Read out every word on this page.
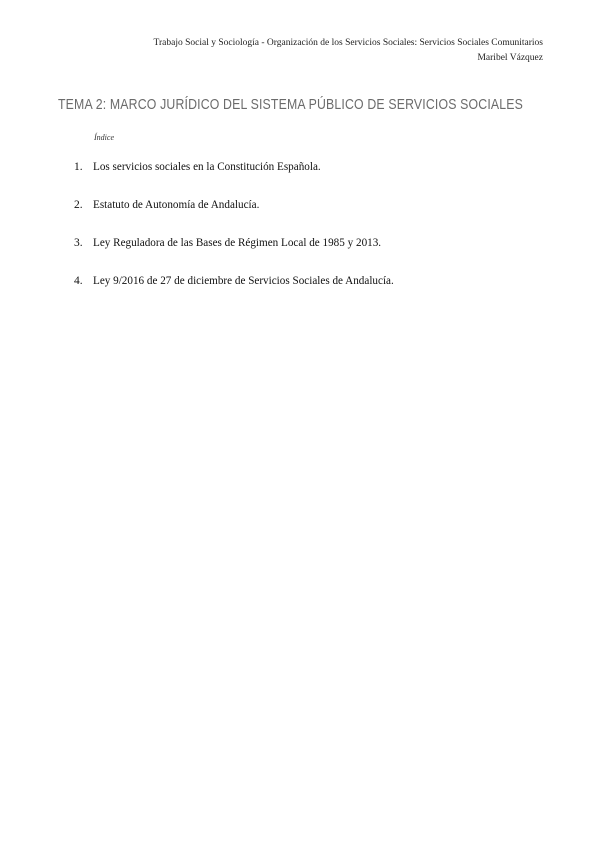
Trabajo Social y Sociología - Organización de los Servicios Sociales: Servicios Sociales Comunitarios
Maribel Vázquez
TEMA 2: MARCO JURÍDICO DEL SISTEMA PÚBLICO DE SERVICIOS SOCIALES
Índice
1. Los servicios sociales en la Constitución Española.
2. Estatuto de Autonomía de Andalucía.
3. Ley Reguladora de las Bases de Régimen Local de 1985 y 2013.
4. Ley 9/2016 de 27 de diciembre de Servicios Sociales de Andalucía.
